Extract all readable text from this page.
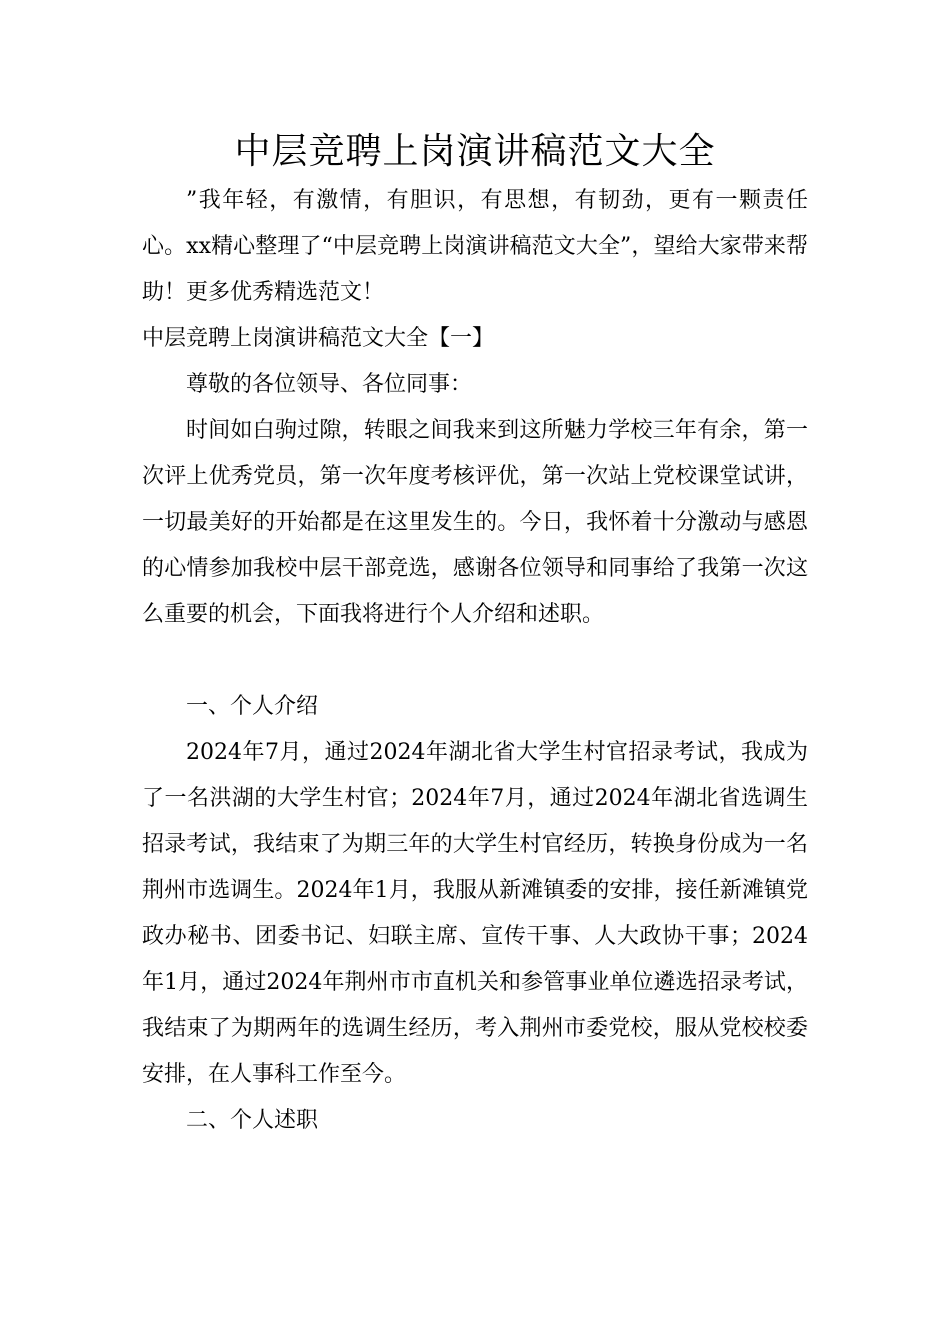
中层竞聘上岗演讲稿范文大全

”我年轻，有激情，有胆识，有思想，有韧劲，更有一颗责任心。xx精心整理了“中层竞聘上岗演讲稿范文大全”，望给大家带来帮助！更多优秀精选范文！

中层竞聘上岗演讲稿范文大全【一】

尊敬的各位领导、各位同事：

时间如白驹过隙，转眼之间我来到这所魅力学校三年有余，第一次评上优秀党员，第一次年度考核评优，第一次站上党校课堂试讲，一切最美好的开始都是在这里发生的。今日，我怀着十分激动与感恩的心情参加我校中层干部竞选，感谢各位领导和同事给了我第一次这么重要的机会，下面我将进行个人介绍和述职。

一、个人介绍

2024年7月，通过2024年湖北省大学生村官招录考试，我成为了一名洪湖的大学生村官；2024年7月，通过2024年湖北省选调生招录考试，我结束了为期三年的大学生村官经历，转换身份成为一名荆州市选调生。2024年1月，我服从新滩镇委的安排，接任新滩镇党政办秘书、团委书记、妇联主席、宣传干事、人大政协干事；2024年1月，通过2024年荆州市市直机关和参管事业单位遴选招录考试，我结束了为期两年的选调生经历，考入荆州市委党校，服从党校校委安排，在人事科工作至今。

二、个人述职
